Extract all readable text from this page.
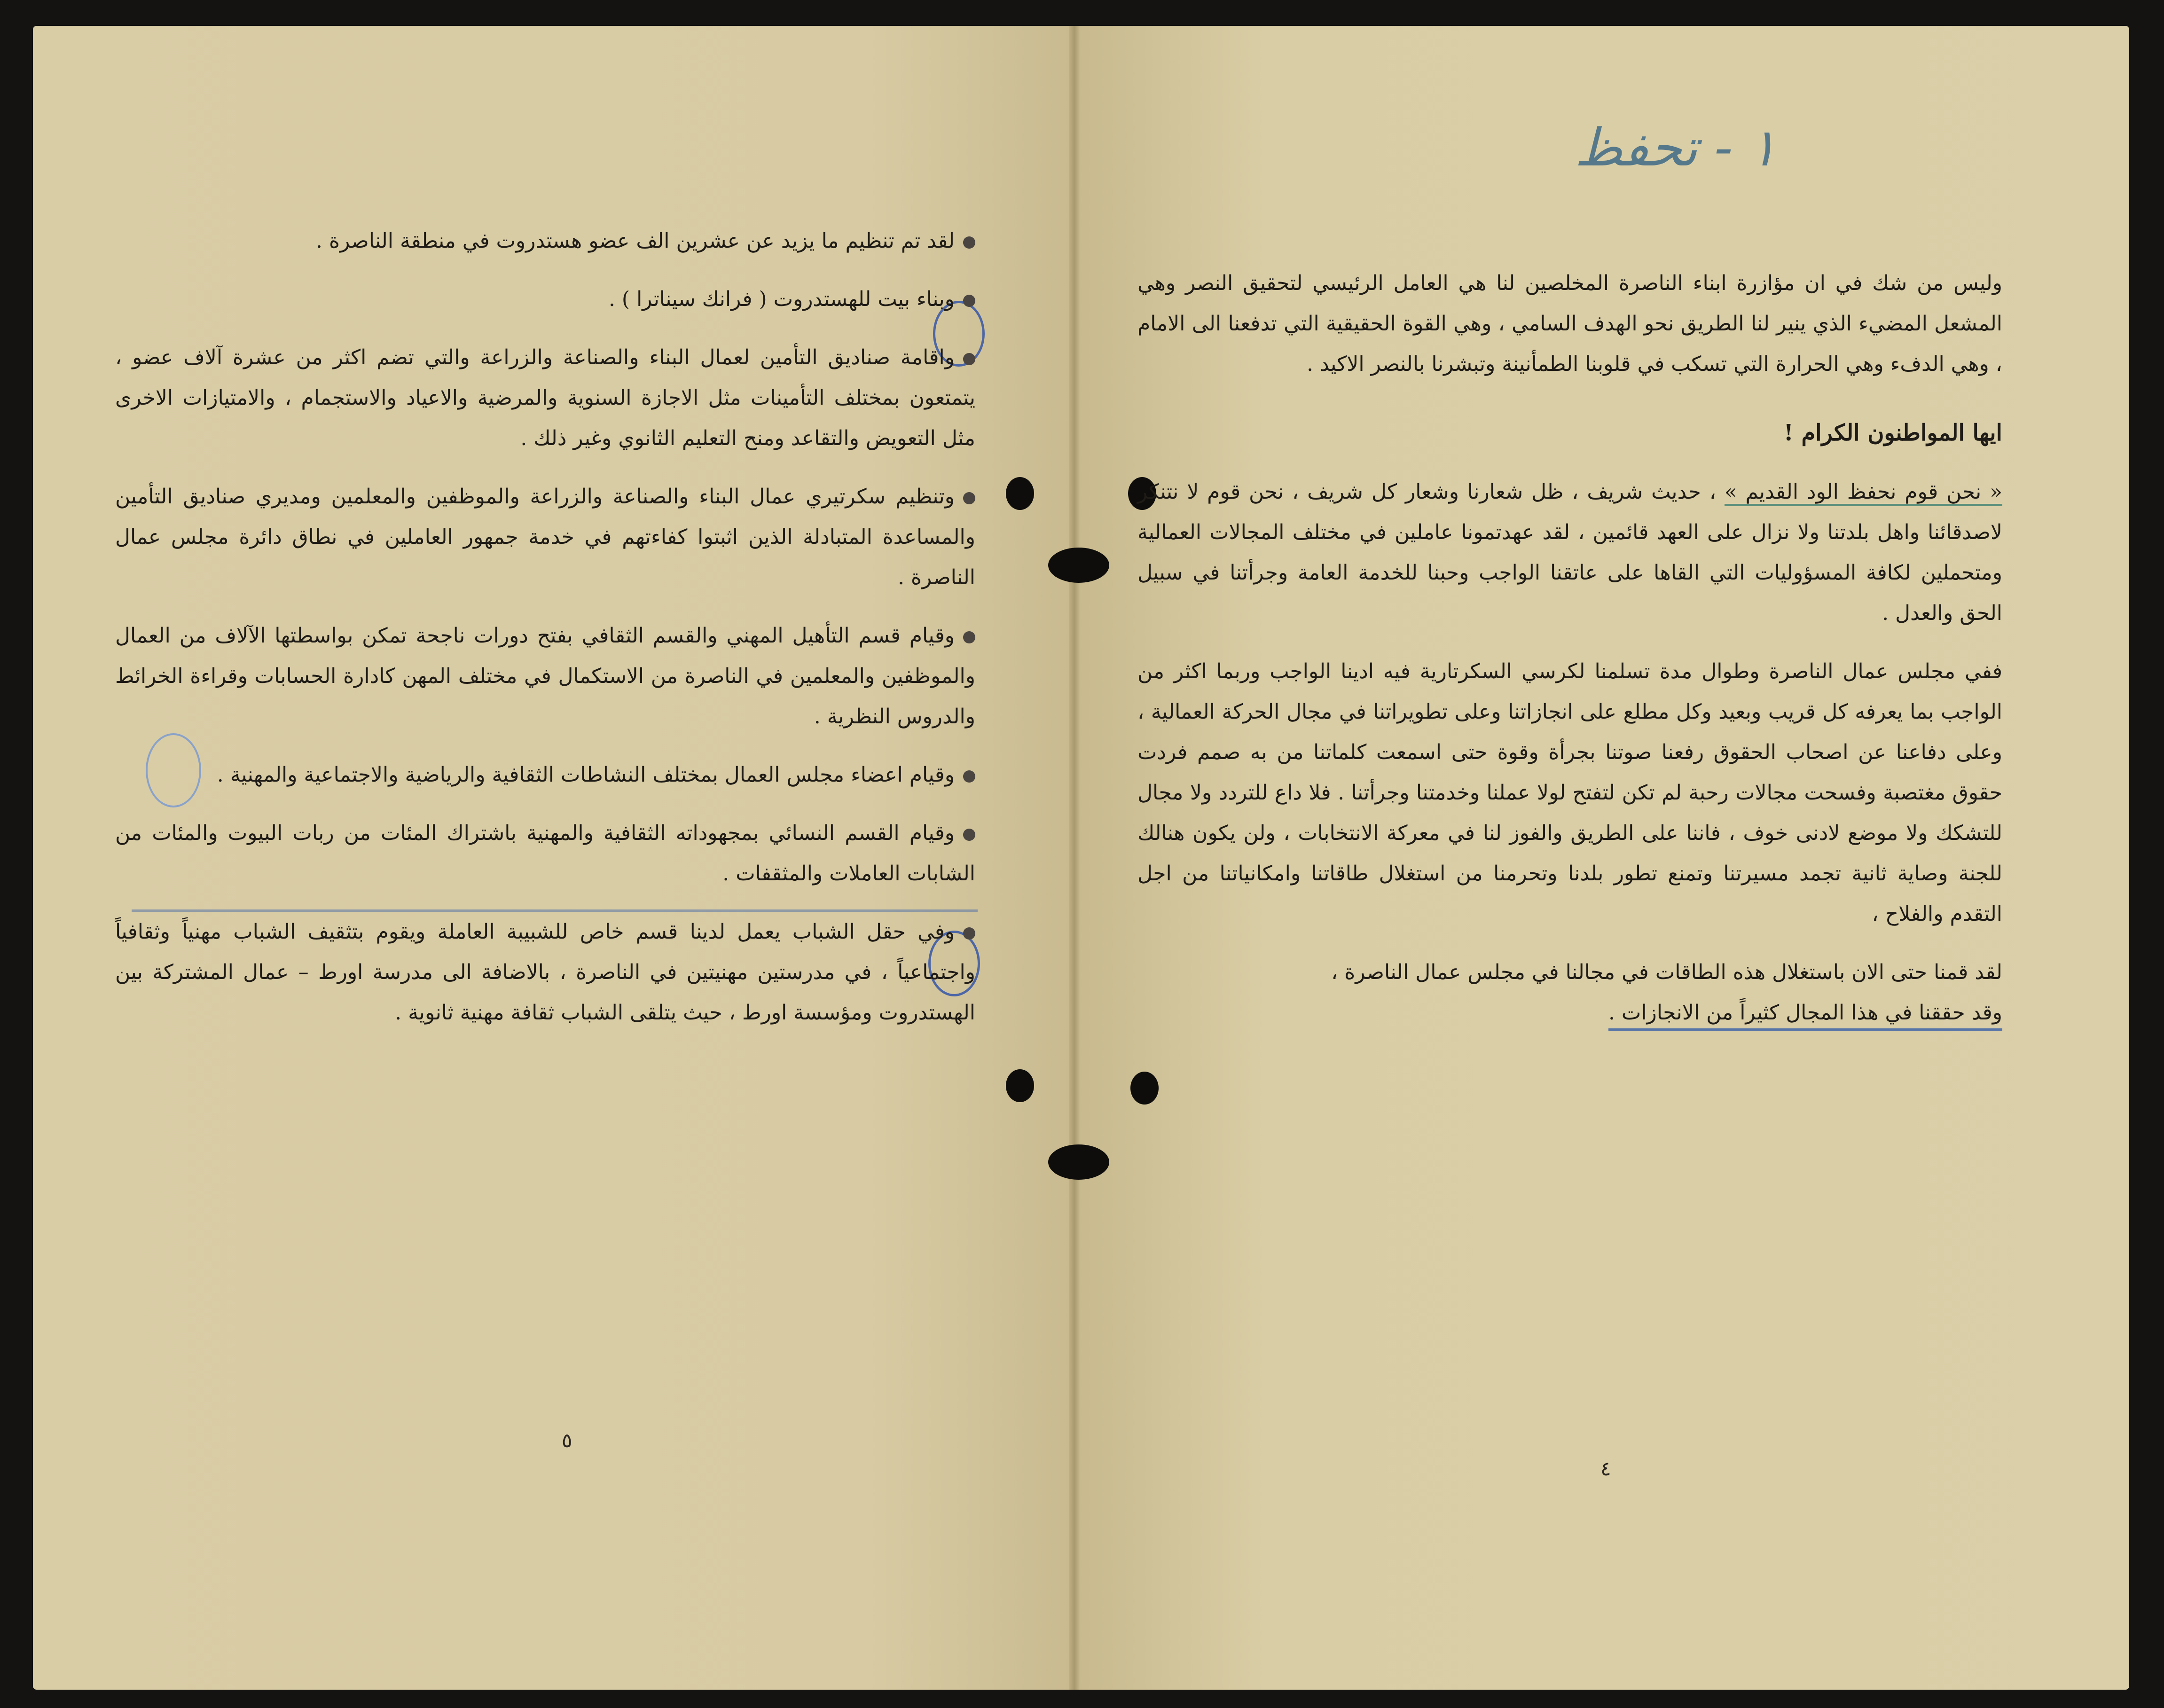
١ - تحفظ

لقد تم تنظيم ما يزيد عن عشرين الف عضو هستدروت في منطقة الناصرة .

وبناء بيت للهستدروت ( فرانك سيناترا ) .

واقامة صناديق التأمين لعمال البناء والصناعة والزراعة والتي تضم اكثر من عشرة آلاف عضو ، يتمتعون بمختلف التأمينات مثل الاجازة السنوية والمرضية والاعياد والاستجمام ، والامتيازات الاخرى مثل التعويض والتقاعد ومنح التعليم الثانوي وغير ذلك .

وتنظيم سكرتيري عمال البناء والصناعة والزراعة والموظفين والمعلمين ومديري صناديق التأمين والمساعدة المتبادلة الذين اثبتوا كفاءتهم في خدمة جمهور العاملين في نطاق دائرة مجلس عمال الناصرة .

وقيام قسم التأهيل المهني والقسم الثقافي بفتح دورات ناجحة تمكن بواسطتها الآلاف من العمال والموظفين والمعلمين في الناصرة من الاستكمال في مختلف المهن كادارة الحسابات وقراءة الخرائط والدروس النظرية .

وقيام اعضاء مجلس العمال بمختلف النشاطات الثقافية والرياضية والاجتماعية والمهنية .

وقيام القسم النسائي بمجهوداته الثقافية والمهنية باشتراك المئات من ربات البيوت والمئات من الشابات العاملات والمثقفات .

وفي حقل الشباب يعمل لدينا قسم خاص للشبيبة العاملة ويقوم بتثقيف الشباب مهنياً وثقافياً واجتماعياً ، في مدرستين مهنيتين في الناصرة ، بالاضافة الى مدرسة اورط – عمال المشتركة بين الهستدروت ومؤسسة اورط ، حيث يتلقى الشباب ثقافة مهنية ثانوية .

٥

وليس من شك في ان مؤازرة ابناء الناصرة المخلصين لنا هي العامل الرئيسي لتحقيق النصر وهي المشعل المضيء الذي ينير لنا الطريق نحو الهدف السامي ، وهي القوة الحقيقية التي تدفعنا الى الامام ، وهي الدفء وهي الحرارة التي تسكب في قلوبنا الطمأنينة وتبشرنا بالنصر الاكيد .

ايها المواطنون الكرام !

« نحن قوم نحفظ الود القديم » ، حديث شريف ، ظل شعارنا وشعار كل شريف ، نحن قوم لا نتنكر لاصدقائنا واهل بلدتنا ولا نزال على العهد قائمين ، لقد عهدتمونا عاملين في مختلف المجالات العمالية ومتحملين لكافة المسؤوليات التي القاها على عاتقنا الواجب وحبنا للخدمة العامة وجرأتنا في سبيل الحق والعدل .

ففي مجلس عمال الناصرة وطوال مدة تسلمنا لكرسي السكرتارية فيه ادينا الواجب وربما اكثر من الواجب بما يعرفه كل قريب وبعيد وكل مطلع على انجازاتنا وعلى تطويراتنا في مجال الحركة العمالية ، وعلى دفاعنا عن اصحاب الحقوق رفعنا صوتنا بجرأة وقوة حتى اسمعت كلماتنا من به صمم فردت حقوق مغتصبة وفسحت مجالات رحبة لم تكن لتفتح لولا عملنا وخدمتنا وجرأتنا . فلا داع للتردد ولا مجال للتشكك ولا موضع لادنى خوف ، فاننا على الطريق والفوز لنا في معركة الانتخابات ، ولن يكون هنالك للجنة وصاية ثانية تجمد مسيرتنا وتمنع تطور بلدنا وتحرمنا من استغلال طاقاتنا وامكانياتنا من اجل التقدم والفلاح ،

لقد قمنا حتى الان باستغلال هذه الطاقات في مجالنا في مجلس عمال الناصرة ،
وقد حققنا في هذا المجال كثيراً من الانجازات .

٤
